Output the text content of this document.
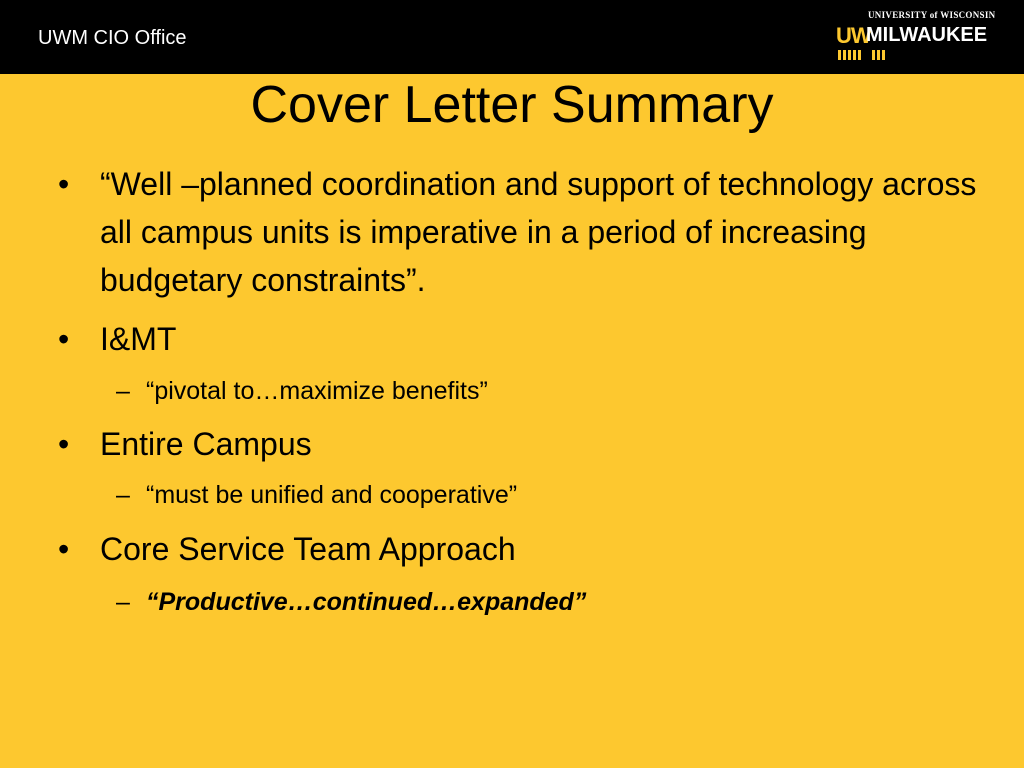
UWM CIO Office
UNIVERSITY of WISCONSIN
UW
MILWAUKEE
Cover Letter Summary
• “Well –planned coordination and support of technology across all campus units is imperative in a period of increasing budgetary constraints”.
• I&MT
– “pivotal to…maximize benefits”
• Entire Campus
– “must be unified and cooperative”
• Core Service Team Approach
– “Productive…continued…expanded”
